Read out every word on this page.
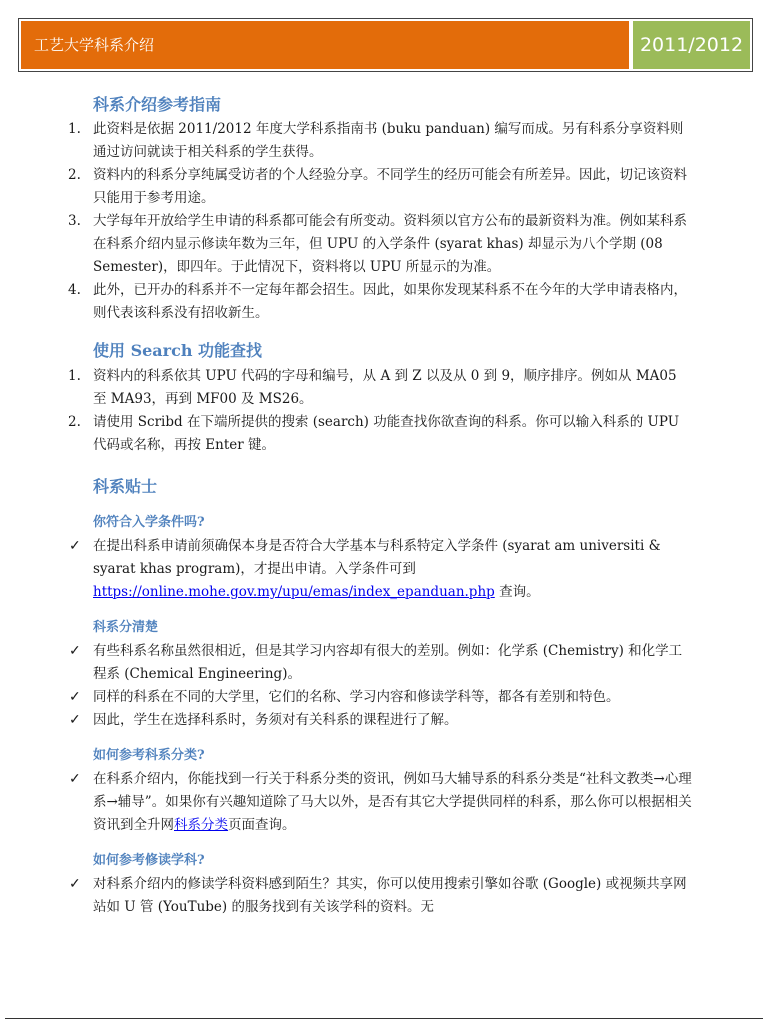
工艺大学科系介绍	2011/2012
科系介绍参考指南
1. 此资料是依据 2011/2012 年度大学科系指南书 (buku panduan) 编写而成。另有科系分享资料则通过访问就读于相关科系的学生获得。
2. 资料内的科系分享纯属受访者的个人经验分享。不同学生的经历可能会有所差异。因此，切记该资料只能用于参考用途。
3. 大学每年开放给学生申请的科系都可能会有所变动。资料须以官方公布的最新资料为准。例如某科系在科系介绍内显示修读年数为三年，但 UPU 的入学条件 (syarat khas) 却显示为八个学期 (08 Semester)，即四年。于此情况下，资料将以 UPU 所显示的为准。
4. 此外，已开办的科系并不一定每年都会招生。因此，如果你发现某科系不在今年的大学申请表格内，则代表该科系没有招收新生。
使用 Search 功能查找
1. 资料内的科系依其 UPU 代码的字母和编号，从 A 到 Z 以及从 0 到 9，顺序排序。例如从 MA05 至 MA93，再到 MF00 及 MS26。
2. 请使用 Scribd 在下端所提供的搜索 (search) 功能查找你欲查询的科系。你可以输入科系的 UPU 代码或名称，再按 Enter 键。
科系贴士
你符合入学条件吗?
✓ 在提出科系申请前须确保本身是否符合大学基本与科系特定入学条件 (syarat am universiti & syarat khas program)，才提出申请。入学条件可到
https://online.mohe.gov.my/upu/emas/index_epanduan.php 查询。
科系分清楚
✓ 有些科系名称虽然很相近，但是其学习内容却有很大的差别。例如：化学系 (Chemistry) 和化学工程系 (Chemical Engineering)。
✓ 同样的科系在不同的大学里，它们的名称、学习内容和修读学科等，都各有差别和特色。
✓ 因此，学生在选择科系时，务须对有关科系的课程进行了解。
如何参考科系分类?
✓ 在科系介绍内，你能找到一行关于科系分类的资讯，例如马大辅导系的科系分类是“社科文教类→心理系→辅导”。如果你有兴趣知道除了马大以外，是否有其它大学提供同样的科系，那么你可以根据相关资讯到全升网科系分类页面查询。
如何参考修读学科?
✓ 对科系介绍内的修读学科资料感到陌生？其实，你可以使用搜索引擎如谷歌 (Google) 或视频共享网站如 U 管 (YouTube) 的服务找到有关该学科的资料。无
